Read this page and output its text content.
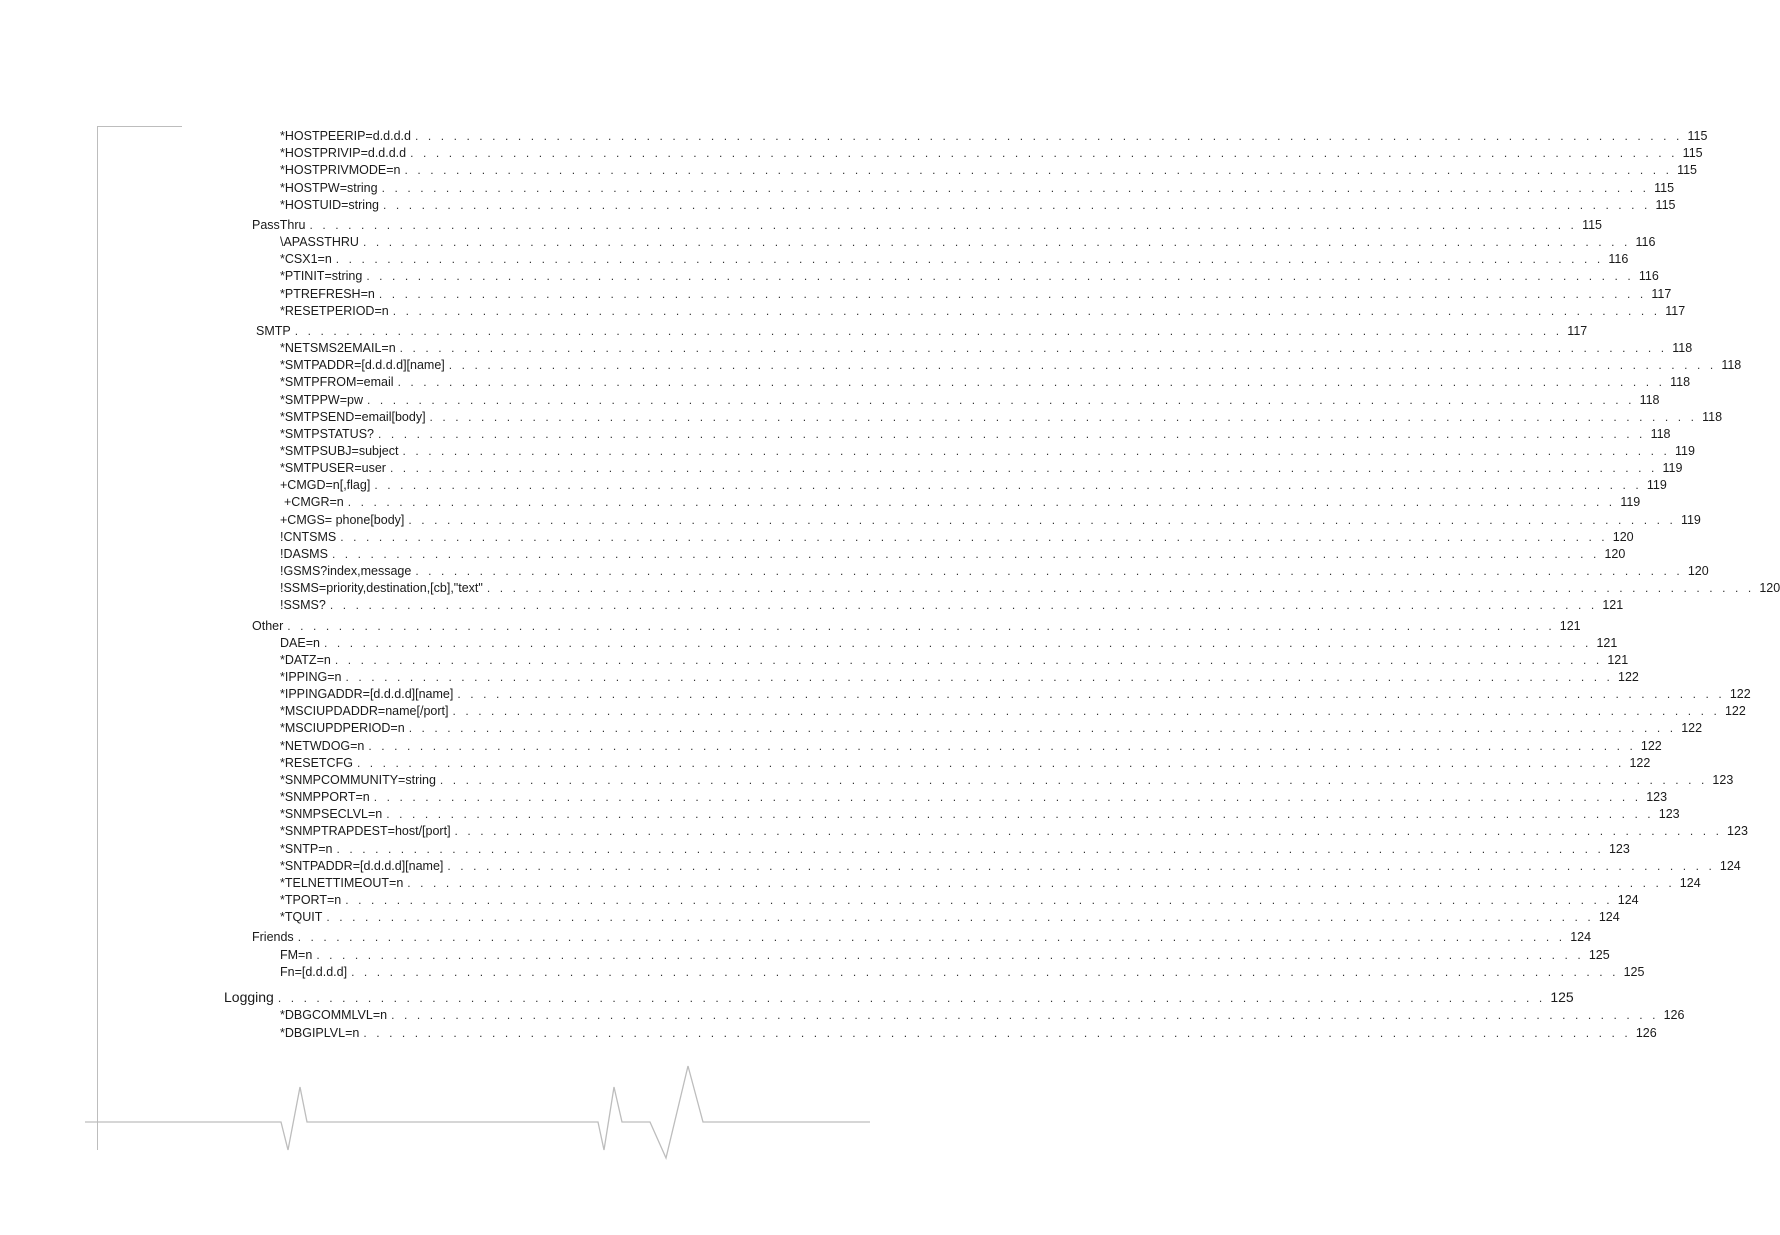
*HOSTPEERIP=d.d.d.d . . . . . . . . . . . . . . . . . . . . . . . . . . . . . . . . . . . . . . . . . . . . . . . . . . . . . . . . . . . . . . . . . . . . . . . . . . . . . . . . . . . . . . . . . . . . . . . . . . . 115
*HOSTPRIVIP=d.d.d.d . . . . . . . . . . . . . . . . . . . . . . . . . . . . . . . . . . . . . . . . . . . . . . . . . . . . . . . . . . . . . . . . . . . . . . . . . . . . . . . . . . . . . . . . . . . . . . . . . . . 115
*HOSTPRIVMODE=n . . . . . . . . . . . . . . . . . . . . . . . . . . . . . . . . . . . . . . . . . . . . . . . . . . . . . . . . . . . . . . . . . . . . . . . . . . . . . . . . . . . . . . . . . . . . . . . . . . . 115
*HOSTPW=string . . . . . . . . . . . . . . . . . . . . . . . . . . . . . . . . . . . . . . . . . . . . . . . . . . . . . . . . . . . . . . . . . . . . . . . . . . . . . . . . . . . . . . . . . . . . . . . . . . . 115
*HOSTUID=string . . . . . . . . . . . . . . . . . . . . . . . . . . . . . . . . . . . . . . . . . . . . . . . . . . . . . . . . . . . . . . . . . . . . . . . . . . . . . . . . . . . . . . . . . . . . . . . . . . . 115
PassThru . . . . . . . . . . . . . . . . . . . . . . . . . . . . . . . . . . . . . . . . . . . . . . . . . . . . . . . . . . . . . . . . . . . . . . . . . . . . . . . . . . . . . . . . . . . . . . . . . . . 115
\APASSTHRU . . . . . . . . . . . . . . . . . . . . . . . . . . . . . . . . . . . . . . . . . . . . . . . . . . . . . . . . . . . . . . . . . . . . . . . . . . . . . . . . . . . . . . . . . . . . . . . . . . . 116
*CSX1=n . . . . . . . . . . . . . . . . . . . . . . . . . . . . . . . . . . . . . . . . . . . . . . . . . . . . . . . . . . . . . . . . . . . . . . . . . . . . . . . . . . . . . . . . . . . . . . . . . . . 116
*PTINIT=string . . . . . . . . . . . . . . . . . . . . . . . . . . . . . . . . . . . . . . . . . . . . . . . . . . . . . . . . . . . . . . . . . . . . . . . . . . . . . . . . . . . . . . . . . . . . . . . . . . . 116
*PTREFRESH=n . . . . . . . . . . . . . . . . . . . . . . . . . . . . . . . . . . . . . . . . . . . . . . . . . . . . . . . . . . . . . . . . . . . . . . . . . . . . . . . . . . . . . . . . . . . . . . . . . . . 117
*RESETPERIOD=n . . . . . . . . . . . . . . . . . . . . . . . . . . . . . . . . . . . . . . . . . . . . . . . . . . . . . . . . . . . . . . . . . . . . . . . . . . . . . . . . . . . . . . . . . . . . . . . . . . . 117
SMTP . . . . . . . . . . . . . . . . . . . . . . . . . . . . . . . . . . . . . . . . . . . . . . . . . . . . . . . . . . . . . . . . . . . . . . . . . . . . . . . . . . . . . . . . . . . . . . . . . . . 117
*NETSMS2EMAIL=n . . . . . . . . . . . . . . . . . . . . . . . . . . . . . . . . . . . . . . . . . . . . . . . . . . . . . . . . . . . . . . . . . . . . . . . . . . . . . . . . . . . . . . . . . . . . . . . . . . . 118
*SMTPADDR=[d.d.d.d][name] . . . . . . . . . . . . . . . . . . . . . . . . . . . . . . . . . . . . . . . . . . . . . . . . . . . . . . . . . . . . . . . . . . . . . . . . . . . . . . . . . . . . . . . . . . . . . . . . . . . 118
*SMTPFROM=email . . . . . . . . . . . . . . . . . . . . . . . . . . . . . . . . . . . . . . . . . . . . . . . . . . . . . . . . . . . . . . . . . . . . . . . . . . . . . . . . . . . . . . . . . . . . . . . . . . . 118
*SMTPPW=pw . . . . . . . . . . . . . . . . . . . . . . . . . . . . . . . . . . . . . . . . . . . . . . . . . . . . . . . . . . . . . . . . . . . . . . . . . . . . . . . . . . . . . . . . . . . . . . . . . . . 118
*SMTPSEND=email[body] . . . . . . . . . . . . . . . . . . . . . . . . . . . . . . . . . . . . . . . . . . . . . . . . . . . . . . . . . . . . . . . . . . . . . . . . . . . . . . . . . . . . . . . . . . . . . . . . . . . 118
*SMTPSTATUS? . . . . . . . . . . . . . . . . . . . . . . . . . . . . . . . . . . . . . . . . . . . . . . . . . . . . . . . . . . . . . . . . . . . . . . . . . . . . . . . . . . . . . . . . . . . . . . . . . . . 118
*SMTPSUBJ=subject . . . . . . . . . . . . . . . . . . . . . . . . . . . . . . . . . . . . . . . . . . . . . . . . . . . . . . . . . . . . . . . . . . . . . . . . . . . . . . . . . . . . . . . . . . . . . . . . . . . 119
*SMTPUSER=user . . . . . . . . . . . . . . . . . . . . . . . . . . . . . . . . . . . . . . . . . . . . . . . . . . . . . . . . . . . . . . . . . . . . . . . . . . . . . . . . . . . . . . . . . . . . . . . . . . . 119
+CMGD=n[,flag] . . . . . . . . . . . . . . . . . . . . . . . . . . . . . . . . . . . . . . . . . . . . . . . . . . . . . . . . . . . . . . . . . . . . . . . . . . . . . . . . . . . . . . . . . . . . . . . . . . . 119
+CMGR=n . . . . . . . . . . . . . . . . . . . . . . . . . . . . . . . . . . . . . . . . . . . . . . . . . . . . . . . . . . . . . . . . . . . . . . . . . . . . . . . . . . . . . . . . . . . . . . . . . . . 119
+CMGS= phone[body] . . . . . . . . . . . . . . . . . . . . . . . . . . . . . . . . . . . . . . . . . . . . . . . . . . . . . . . . . . . . . . . . . . . . . . . . . . . . . . . . . . . . . . . . . . . . . . . . . . . 119
!CNTSMS . . . . . . . . . . . . . . . . . . . . . . . . . . . . . . . . . . . . . . . . . . . . . . . . . . . . . . . . . . . . . . . . . . . . . . . . . . . . . . . . . . . . . . . . . . . . . . . . . . . 120
!DASMS . . . . . . . . . . . . . . . . . . . . . . . . . . . . . . . . . . . . . . . . . . . . . . . . . . . . . . . . . . . . . . . . . . . . . . . . . . . . . . . . . . . . . . . . . . . . . . . . . . . 120
!GSMS?index,message . . . . . . . . . . . . . . . . . . . . . . . . . . . . . . . . . . . . . . . . . . . . . . . . . . . . . . . . . . . . . . . . . . . . . . . . . . . . . . . . . . . . . . . . . . . . . . . . . . . 120
!SSMS=priority,destination,[cb],"text" . . . . . . . . . . . . . . . . . . . . . . . . . . . . . . . . . . . . . . . . . . . . . . . . . . . . . . . . . . . . . . . . . . . . . . . . . . . . . . . . . . . . . . . . . . . . . . . . . . . 120
!SSMS? . . . . . . . . . . . . . . . . . . . . . . . . . . . . . . . . . . . . . . . . . . . . . . . . . . . . . . . . . . . . . . . . . . . . . . . . . . . . . . . . . . . . . . . . . . . . . . . . . . . 121
Other . . . . . . . . . . . . . . . . . . . . . . . . . . . . . . . . . . . . . . . . . . . . . . . . . . . . . . . . . . . . . . . . . . . . . . . . . . . . . . . . . . . . . . . . . . . . . . . . . . . 121
DAE=n . . . . . . . . . . . . . . . . . . . . . . . . . . . . . . . . . . . . . . . . . . . . . . . . . . . . . . . . . . . . . . . . . . . . . . . . . . . . . . . . . . . . . . . . . . . . . . . . . . . 121
*DATZ=n . . . . . . . . . . . . . . . . . . . . . . . . . . . . . . . . . . . . . . . . . . . . . . . . . . . . . . . . . . . . . . . . . . . . . . . . . . . . . . . . . . . . . . . . . . . . . . . . . . . 121
*IPPING=n . . . . . . . . . . . . . . . . . . . . . . . . . . . . . . . . . . . . . . . . . . . . . . . . . . . . . . . . . . . . . . . . . . . . . . . . . . . . . . . . . . . . . . . . . . . . . . . . . . . 122
*IPPINGADDR=[d.d.d.d][name] . . . . . . . . . . . . . . . . . . . . . . . . . . . . . . . . . . . . . . . . . . . . . . . . . . . . . . . . . . . . . . . . . . . . . . . . . . . . . . . . . . . . . . . . . . . . . . . . . . . 122
*MSCIUPDADDR=name[/port] . . . . . . . . . . . . . . . . . . . . . . . . . . . . . . . . . . . . . . . . . . . . . . . . . . . . . . . . . . . . . . . . . . . . . . . . . . . . . . . . . . . . . . . . . . . . . . . . . . . 122
*MSCIUPDPERIOD=n . . . . . . . . . . . . . . . . . . . . . . . . . . . . . . . . . . . . . . . . . . . . . . . . . . . . . . . . . . . . . . . . . . . . . . . . . . . . . . . . . . . . . . . . . . . . . . . . . . . 122
*NETWDOG=n . . . . . . . . . . . . . . . . . . . . . . . . . . . . . . . . . . . . . . . . . . . . . . . . . . . . . . . . . . . . . . . . . . . . . . . . . . . . . . . . . . . . . . . . . . . . . . . . . . . 122
*RESETCFG . . . . . . . . . . . . . . . . . . . . . . . . . . . . . . . . . . . . . . . . . . . . . . . . . . . . . . . . . . . . . . . . . . . . . . . . . . . . . . . . . . . . . . . . . . . . . . . . . . . 122
*SNMPCOMMUNITY=string . . . . . . . . . . . . . . . . . . . . . . . . . . . . . . . . . . . . . . . . . . . . . . . . . . . . . . . . . . . . . . . . . . . . . . . . . . . . . . . . . . . . . . . . . . . . . . . . . . . 123
*SNMPPORT=n . . . . . . . . . . . . . . . . . . . . . . . . . . . . . . . . . . . . . . . . . . . . . . . . . . . . . . . . . . . . . . . . . . . . . . . . . . . . . . . . . . . . . . . . . . . . . . . . . . . 123
*SNMPSECLVL=n . . . . . . . . . . . . . . . . . . . . . . . . . . . . . . . . . . . . . . . . . . . . . . . . . . . . . . . . . . . . . . . . . . . . . . . . . . . . . . . . . . . . . . . . . . . . . . . . . . . 123
*SNMPTRAPDEST=host/[port] . . . . . . . . . . . . . . . . . . . . . . . . . . . . . . . . . . . . . . . . . . . . . . . . . . . . . . . . . . . . . . . . . . . . . . . . . . . . . . . . . . . . . . . . . . . . . . . . . . . 123
*SNTP=n . . . . . . . . . . . . . . . . . . . . . . . . . . . . . . . . . . . . . . . . . . . . . . . . . . . . . . . . . . . . . . . . . . . . . . . . . . . . . . . . . . . . . . . . . . . . . . . . . . . 123
*SNTPADDR=[d.d.d.d][name] . . . . . . . . . . . . . . . . . . . . . . . . . . . . . . . . . . . . . . . . . . . . . . . . . . . . . . . . . . . . . . . . . . . . . . . . . . . . . . . . . . . . . . . . . . . . . . . . . . . 124
*TELNETTIMEOUT=n . . . . . . . . . . . . . . . . . . . . . . . . . . . . . . . . . . . . . . . . . . . . . . . . . . . . . . . . . . . . . . . . . . . . . . . . . . . . . . . . . . . . . . . . . . . . . . . . . . . 124
*TPORT=n . . . . . . . . . . . . . . . . . . . . . . . . . . . . . . . . . . . . . . . . . . . . . . . . . . . . . . . . . . . . . . . . . . . . . . . . . . . . . . . . . . . . . . . . . . . . . . . . . . . 124
*TQUIT . . . . . . . . . . . . . . . . . . . . . . . . . . . . . . . . . . . . . . . . . . . . . . . . . . . . . . . . . . . . . . . . . . . . . . . . . . . . . . . . . . . . . . . . . . . . . . . . . . . 124
Friends . . . . . . . . . . . . . . . . . . . . . . . . . . . . . . . . . . . . . . . . . . . . . . . . . . . . . . . . . . . . . . . . . . . . . . . . . . . . . . . . . . . . . . . . . . . . . . . . . . . 124
FM=n . . . . . . . . . . . . . . . . . . . . . . . . . . . . . . . . . . . . . . . . . . . . . . . . . . . . . . . . . . . . . . . . . . . . . . . . . . . . . . . . . . . . . . . . . . . . . . . . . . . 125
Fn=[d.d.d.d] . . . . . . . . . . . . . . . . . . . . . . . . . . . . . . . . . . . . . . . . . . . . . . . . . . . . . . . . . . . . . . . . . . . . . . . . . . . . . . . . . . . . . . . . . . . . . . . . . . . 125
Logging . . . . . . . . . . . . . . . . . . . . . . . . . . . . . . . . . . . . . . . . . . . . . . . . . . . . . . . . . . . . . . . . . . . . . . . . . . . . . . . . . . . . . . . . . . . . . . . . . . . 125
*DBGCOMMLVL=n . . . . . . . . . . . . . . . . . . . . . . . . . . . . . . . . . . . . . . . . . . . . . . . . . . . . . . . . . . . . . . . . . . . . . . . . . . . . . . . . . . . . . . . . . . . . . . . . . . . 126
*DBGIPLVL=n . . . . . . . . . . . . . . . . . . . . . . . . . . . . . . . . . . . . . . . . . . . . . . . . . . . . . . . . . . . . . . . . . . . . . . . . . . . . . . . . . . . . . . . . . . . . . . . . . . . 126
